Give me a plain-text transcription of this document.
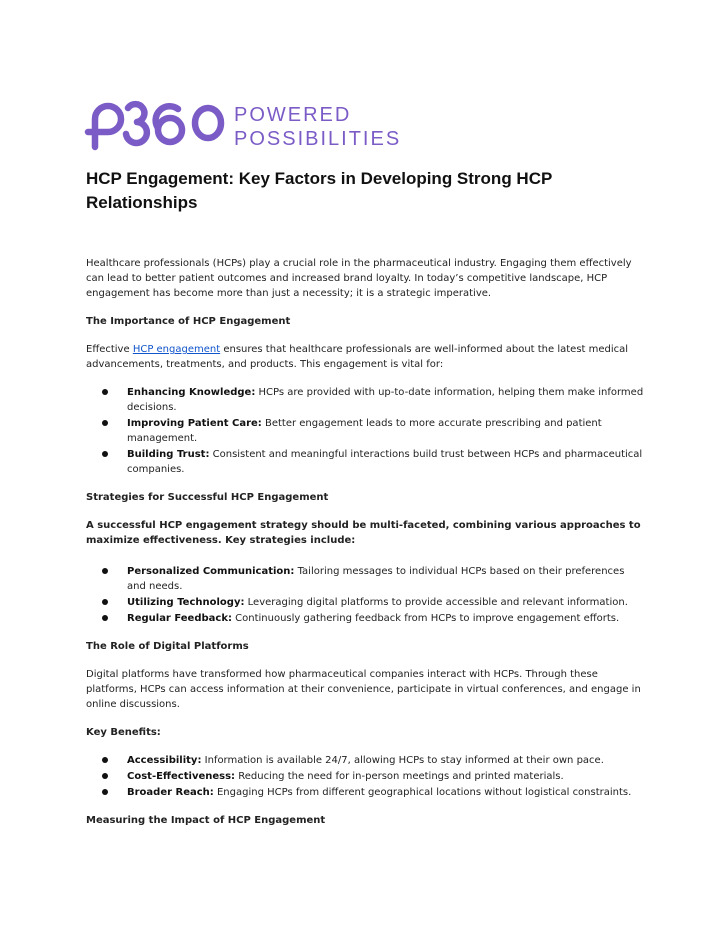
POWERED
POSSIBILITIES
HCP Engagement: Key Factors in Developing Strong HCP Relationships

Healthcare professionals (HCPs) play a crucial role in the pharmaceutical industry. Engaging them effectively can lead to better patient outcomes and increased brand loyalty. In today’s competitive landscape, HCP engagement has become more than just a necessity; it is a strategic imperative.

The Importance of HCP Engagement

Effective HCP engagement ensures that healthcare professionals are well-informed about the latest medical advancements, treatments, and products. This engagement is vital for:

Enhancing Knowledge: HCPs are provided with up-to-date information, helping them make informed decisions.
Improving Patient Care: Better engagement leads to more accurate prescribing and patient management.
Building Trust: Consistent and meaningful interactions build trust between HCPs and pharmaceutical companies.

Strategies for Successful HCP Engagement

A successful HCP engagement strategy should be multi-faceted, combining various approaches to maximize effectiveness. Key strategies include:

Personalized Communication: Tailoring messages to individual HCPs based on their preferences and needs.
Utilizing Technology: Leveraging digital platforms to provide accessible and relevant information.
Regular Feedback: Continuously gathering feedback from HCPs to improve engagement efforts.

The Role of Digital Platforms

Digital platforms have transformed how pharmaceutical companies interact with HCPs. Through these platforms, HCPs can access information at their convenience, participate in virtual conferences, and engage in online discussions.

Key Benefits:

Accessibility: Information is available 24/7, allowing HCPs to stay informed at their own pace.
Cost-Effectiveness: Reducing the need for in-person meetings and printed materials.
Broader Reach: Engaging HCPs from different geographical locations without logistical constraints.

Measuring the Impact of HCP Engagement
